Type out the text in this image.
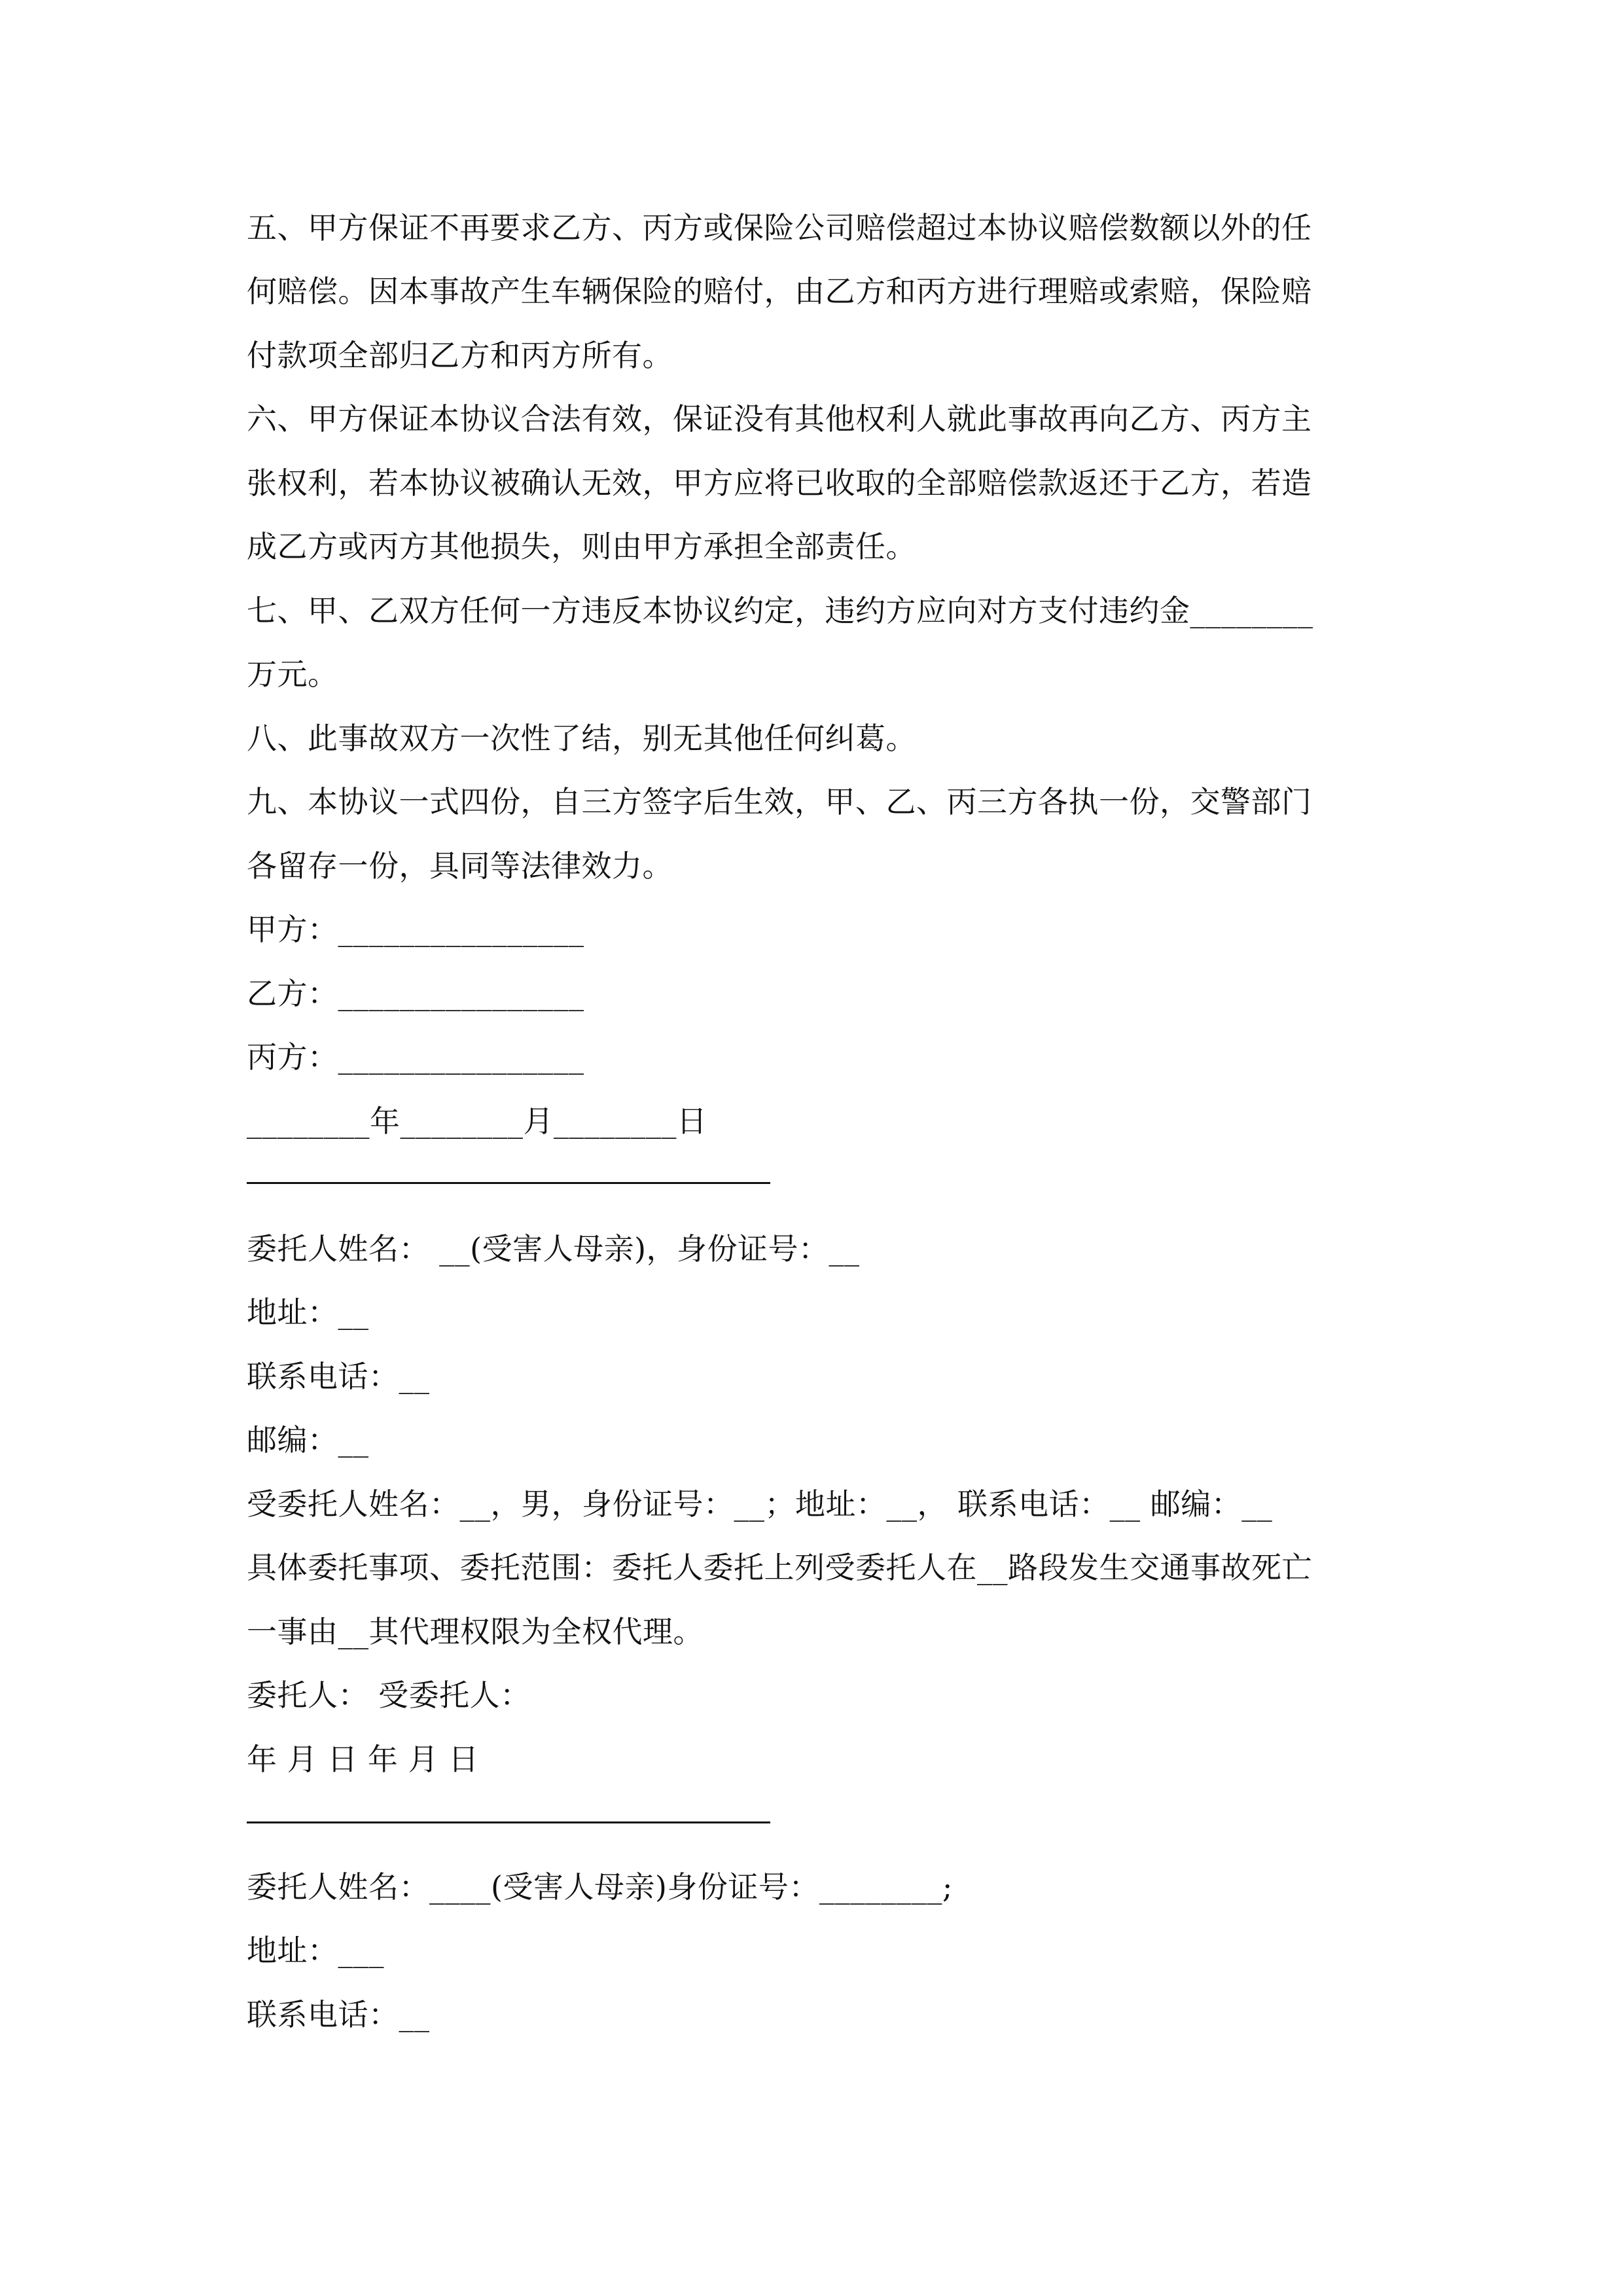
五、甲方保证不再要求乙方、丙方或保险公司赔偿超过本协议赔偿数额以外的任
何赔偿。因本事故产生车辆保险的赔付，由乙方和丙方进行理赔或索赔，保险赔
付款项全部归乙方和丙方所有。
六、甲方保证本协议合法有效，保证没有其他权利人就此事故再向乙方、丙方主
张权利，若本协议被确认无效，甲方应将已收取的全部赔偿款返还于乙方，若造
成乙方或丙方其他损失，则由甲方承担全部责任。
七、甲、乙双方任何一方违反本协议约定，违约方应向对方支付违约金________
万元。
八、此事故双方一次性了结，别无其他任何纠葛。
九、本协议一式四份，自三方签字后生效，甲、乙、丙三方各执一份，交警部门
各留存一份，具同等法律效力。
甲方：________________
乙方：________________
丙方：________________
________年________月________日
委托人姓名： __(受害人母亲)，身份证号：__
地址：__
联系电话：__
邮编：__
受委托人姓名：__，男，身份证号：__；地址：__， 联系电话：__ 邮编：__
具体委托事项、委托范围：委托人委托上列受委托人在__路段发生交通事故死亡
一事由__其代理权限为全权代理。
委托人： 受委托人：
年 月 日 年 月 日
委托人姓名：____(受害人母亲)身份证号：________;
地址：___
联系电话：__
